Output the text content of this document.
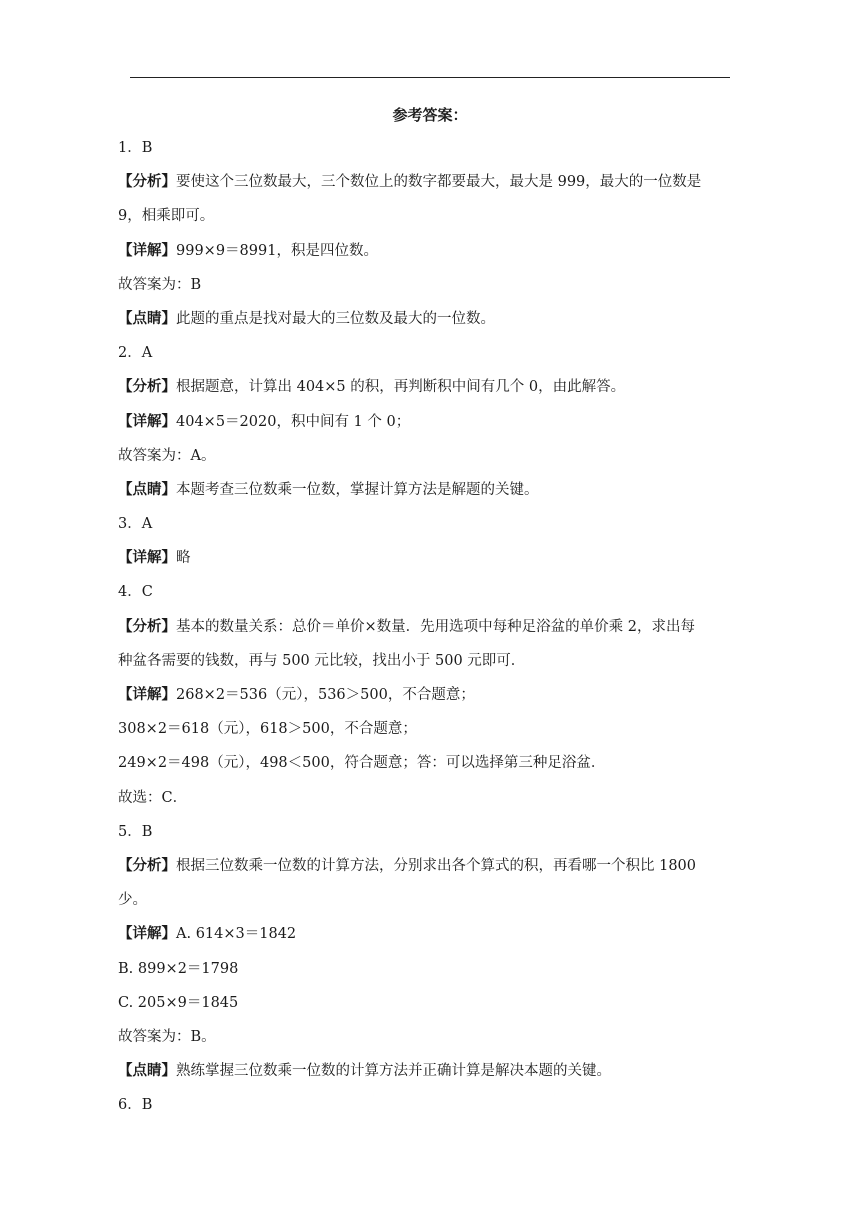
参考答案：
1．B
【分析】要使这个三位数最大，三个数位上的数字都要最大，最大是 999，最大的一位数是
9，相乘即可。
【详解】999×9＝8991，积是四位数。
故答案为：B
【点睛】此题的重点是找对最大的三位数及最大的一位数。
2．A
【分析】根据题意，计算出 404×5 的积，再判断积中间有几个 0，由此解答。
【详解】404×5＝2020，积中间有 1 个 0；
故答案为：A。
【点睛】本题考查三位数乘一位数，掌握计算方法是解题的关键。
3．A
【详解】略
4．C
【分析】基本的数量关系：总价＝单价×数量．先用选项中每种足浴盆的单价乘 2，求出每
种盆各需要的钱数，再与 500 元比较，找出小于 500 元即可．
【详解】268×2＝536（元），536＞500，不合题意；
308×2＝618（元），618＞500，不合题意；
249×2＝498（元），498＜500，符合题意；答：可以选择第三种足浴盆．
故选：C．
5．B
【分析】根据三位数乘一位数的计算方法，分别求出各个算式的积，再看哪一个积比 1800
少。
【详解】A. 614×3＝1842
B. 899×2＝1798
C. 205×9＝1845
故答案为：B。
【点睛】熟练掌握三位数乘一位数的计算方法并正确计算是解决本题的关键。
6．B
